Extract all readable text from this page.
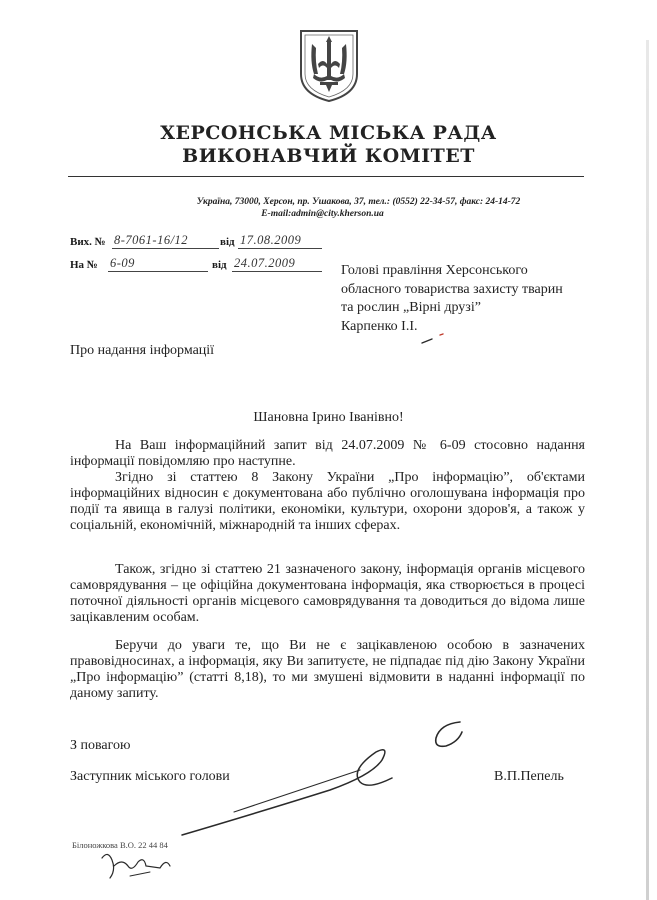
ХЕРСОНСЬКА МІСЬКА РАДА
ВИКОНАВЧИЙ КОМІТЕТ
Україна, 73000, Херсон, пр. Ушакова, 37, тел.: (0552) 22-34-57, факс: 24-14-72
E-mail:admin@city.kherson.ua
Вих. № 8-7061-16/12	від 17.08.2009
На № 6-09	від 24.07.2009	Голові правління Херсонського
обласного товариства захисту тварин
та рослин „Вірні друзі”
Карпенко І.І.
Про надання інформації
Шановна Ірино Іванівно!

На Ваш інформаційний запит від 24.07.2009 № 6-09 стосовно надання інформації повідомляю про наступне.

Згідно зі статтею 8 Закону України „Про інформацію”, об'єктами інформаційних відносин є документована або публічно оголошувана інформація про події та явища в галузі політики, економіки, культури, охорони здоров'я, а також у соціальній, економічній, міжнародній та інших сферах.

Також, згідно зі статтею 21 зазначеного закону, інформація органів місцевого самоврядування – це офіційна документована інформація, яка створюється в процесі поточної діяльності органів місцевого самоврядування та доводиться до відома лише зацікавленим особам.

Беручи до уваги те, що Ви не є зацікавленою особою в зазначених правовідносинах, а інформація, яку Ви запитуєте, не підпадає під дію Закону України „Про інформацію” (статті 8,18), то ми змушені відмовити в наданні інформації по даному запиту.

З повагою
Заступник міського голови	В.П.Пепель
Білоножкова В.О. 22 44 84
